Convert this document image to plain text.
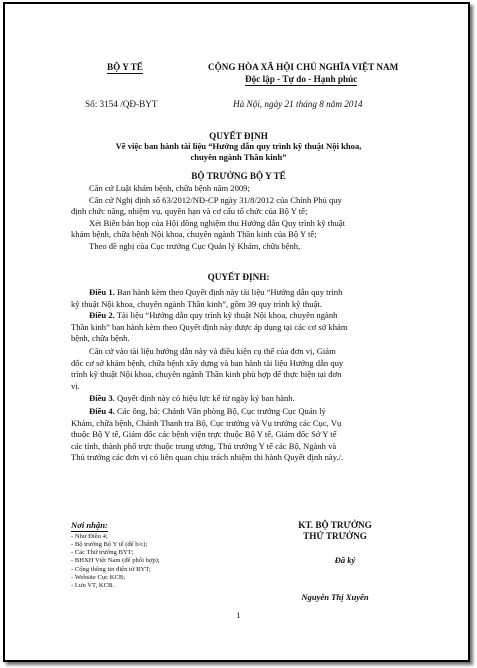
BỘ Y TẾ	CỘNG HÒA XÃ HỘI CHỦ NGHĨA VIỆT NAM
Độc lập - Tự do - Hạnh phúc
Số: 3154 /QĐ-BYT	Hà Nội, ngày 21 tháng 8 năm 2014
QUYẾT ĐỊNH
Về việc ban hành tài liệu “Hướng dẫn quy trình kỹ thuật Nội khoa,
chuyên ngành Thần kinh”
BỘ TRƯỞNG BỘ Y TẾ
Căn cứ Luật khám bệnh, chữa bệnh năm 2009;
Căn cứ Nghị định số 63/2012/NĐ-CP ngày 31/8/2012 của Chính Phủ quy
định chức năng, nhiệm vụ, quyền hạn và cơ cấu tổ chức của Bộ Y tế;
Xét Biên bản họp của Hội đồng nghiệm thu Hướng dẫn Quy trình kỹ thuật
khám bệnh, chữa bệnh Nội khoa, chuyên ngành Thần kinh của Bộ Y tế;
Theo đề nghị của Cục trưởng Cục Quản lý Khám, chữa bệnh,
QUYẾT ĐỊNH:
Điều 1. Ban hành kèm theo Quyết định này tài liệu “Hướng dẫn quy trình
kỹ thuật Nội khoa, chuyên ngành Thần kinh”, gồm 39 quy trình kỹ thuật.
Điều 2. Tài liệu “Hướng dẫn quy trình kỹ thuật Nội khoa, chuyên ngành
Thần kinh” ban hành kèm theo Quyết định này được áp dụng tại các cơ sở khám
bệnh, chữa bệnh.
Căn cứ vào tài liệu hướng dẫn này và điều kiện cụ thể của đơn vị, Giám
đốc cơ sở khám bệnh, chữa bệnh xây dựng và ban hành tài liệu Hướng dẫn quy
trình kỹ thuật Nội khoa, chuyên ngành Thần kinh phù hợp để thực hiện tại đơn
vị.
Điều 3. Quyết định này có hiệu lực kể từ ngày ký ban hành.
Điều 4. Các ông, bà: Chánh Văn phòng Bộ, Cục trưởng Cục Quản lý
Khám, chữa bệnh, Chánh Thanh tra Bộ, Cục trưởng và Vụ trưởng các Cục, Vụ
thuộc Bộ Y tế, Giám đốc các bệnh viện trực thuộc Bộ Y tế, Giám đốc Sở Y tế
các tỉnh, thành phố trực thuộc trung ương, Thủ trưởng Y tế các Bộ, Ngành và
Thủ trưởng các đơn vị có liên quan chịu trách nhiệm thi hành Quyết định này./.
Nơi nhận:
- Như Điều 4;
- Bộ trưởng Bộ Y tế (để b/c);
- Các Thứ trưởng BYT;
- BHXH Việt Nam (để phối hợp);
- Cổng thông tin điện tử BYT;
- Website Cục KCB;
- Lưu VT, KCB.
KT. BỘ TRƯỞNG
THỨ TRƯỞNG
Đã ký
Nguyễn Thị Xuyên
1
